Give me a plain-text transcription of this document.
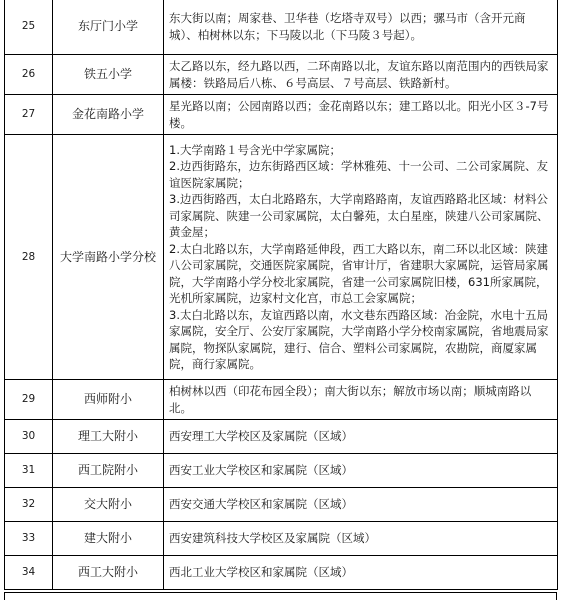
25	东厅门小学	东大街以南；周家巷、卫华巷（圪塔寺双号）以西；骡马市（含开元商城）、柏树林以东；下马陵以北（下马陵３号起）。

26	铁五小学	太乙路以东，经九路以西，二环南路以北，友谊东路以南范围内的西铁局家属楼：铁路局后八栋、６号高层、７号高层、铁路新村。

27	金花南路小学	星光路以南；公园南路以西；金花南路以东；建工路以北。阳光小区３-7号楼。

28	大学南路小学分校	1.大学南路１号含光中学家属院；
2.边西街路东，边东街路西区域：学林雅苑、十一公司、二公司家属院、友谊医院家属院；
3.边西街路西，太白北路路东，大学南路路南，友谊西路路北区域：材料公司家属院、陕建一公司家属院，太白馨苑，太白星座，陕建八公司家属院、黄金屋；
2.太白北路以东，大学南路延伸段，西工大路以东，南二环以北区域：陕建八公司家属院，交通医院家属院，省审计厅，省建职大家属院，运管局家属院，大学南路小学分校北家属院，省建一公司家属院旧楼，631所家属院，光机所家属院，边家村文化宫，市总工会家属院；
3.太白北路以东，友谊西路以南，水文巷东西路区域：冶金院，水电十五局家属院，安全厅、公安厅家属院，大学南路小学分校南家属院，省地震局家属院，物探队家属院，建行、信合、塑料公司家属院，农勘院，商厦家属院，商行家属院。

29	西师附小	柏树林以西（印花布园全段）；南大街以东；解放市场以南；顺城南路以北。

30	理工大附小	西安理工大学校区及家属院（区域）

31	西工院附小	西安工业大学校区和家属院（区域）

32	交大附小	西安交通大学校区和家属院（区域）

33	建大附小	西安建筑科技大学校区及家属院（区域）

34	西工大附小	西北工业大学校区和家属院（区域）
